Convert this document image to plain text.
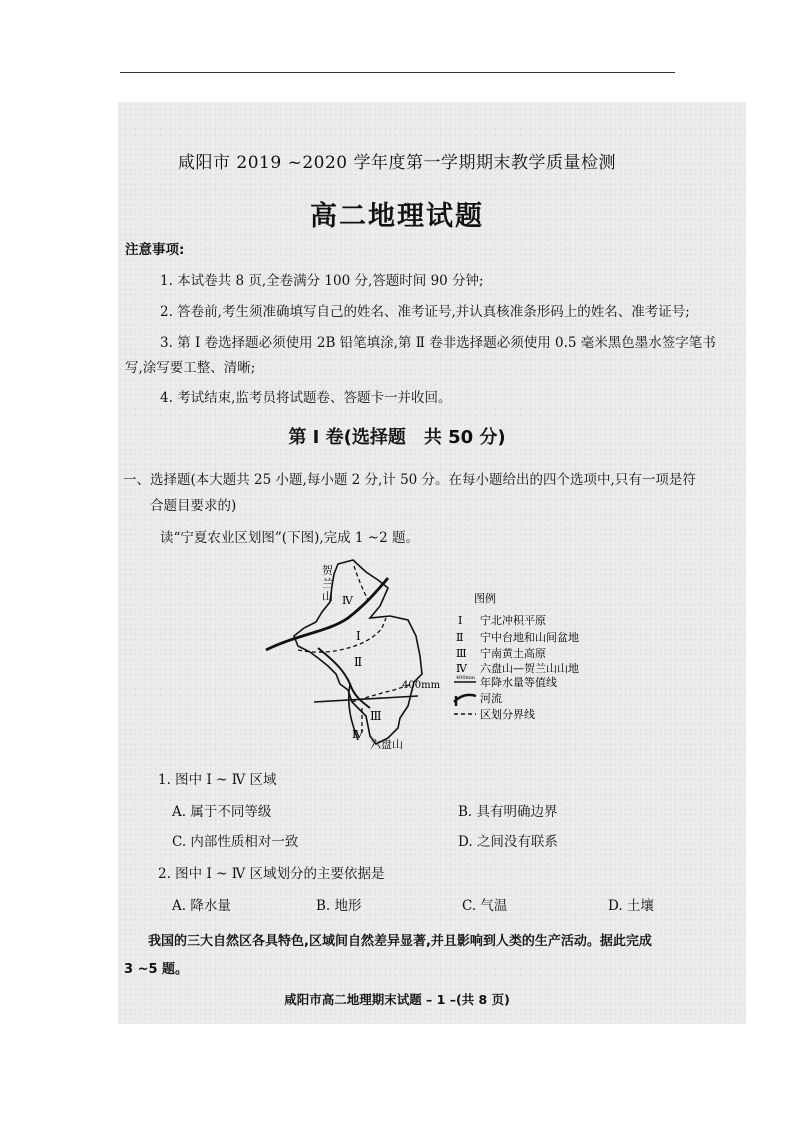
咸阳市 2019 ~2020 学年度第一学期期末教学质量检测
高二地理试题
注意事项:
1. 本试卷共 8 页,全卷满分 100 分,答题时间 90 分钟;
2. 答卷前,考生须准确填写自己的姓名、准考证号,并认真核准条形码上的姓名、准考证号;
3. 第 Ⅰ 卷选择题必须使用 2B 铅笔填涂,第 Ⅱ 卷非选择题必须使用 0.5 毫米黑色墨水签字笔书
写,涂写要工整、清晰;
4. 考试结束,监考员将试题卷、答题卡一并收回。
第 Ⅰ 卷(选择题　共 50 分)
一、选择题(本大题共 25 小题,每小题 2 分,计 50 分。在每小题给出的四个选项中,只有一项是符
合题目要求的)
读“宁夏农业区划图”(下图),完成 1 ~2 题。
Ⅳ
Ⅰ
Ⅱ
Ⅲ
Ⅳ
贺
兰
山
400mm
六盘山
图例
Ⅰ 宁北冲积平原
Ⅱ 宁中台地和山间盆地
Ⅲ 宁南黄土高原
Ⅳ 六盘山—贺兰山山地
400mm 年降水量等值线
河流
区划分界线
1. 图中 Ⅰ ~ Ⅳ 区域
A. 属于不同等级	B. 具有明确边界
C. 内部性质相对一致	D. 之间没有联系
2. 图中 Ⅰ ~ Ⅳ 区域划分的主要依据是
A. 降水量	B. 地形	C. 气温	D. 土壤
我国的三大自然区各具特色,区域间自然差异显著,并且影响到人类的生产活动。据此完成
3 ~5 题。
咸阳市高二地理期末试题 – 1 –(共 8 页)
